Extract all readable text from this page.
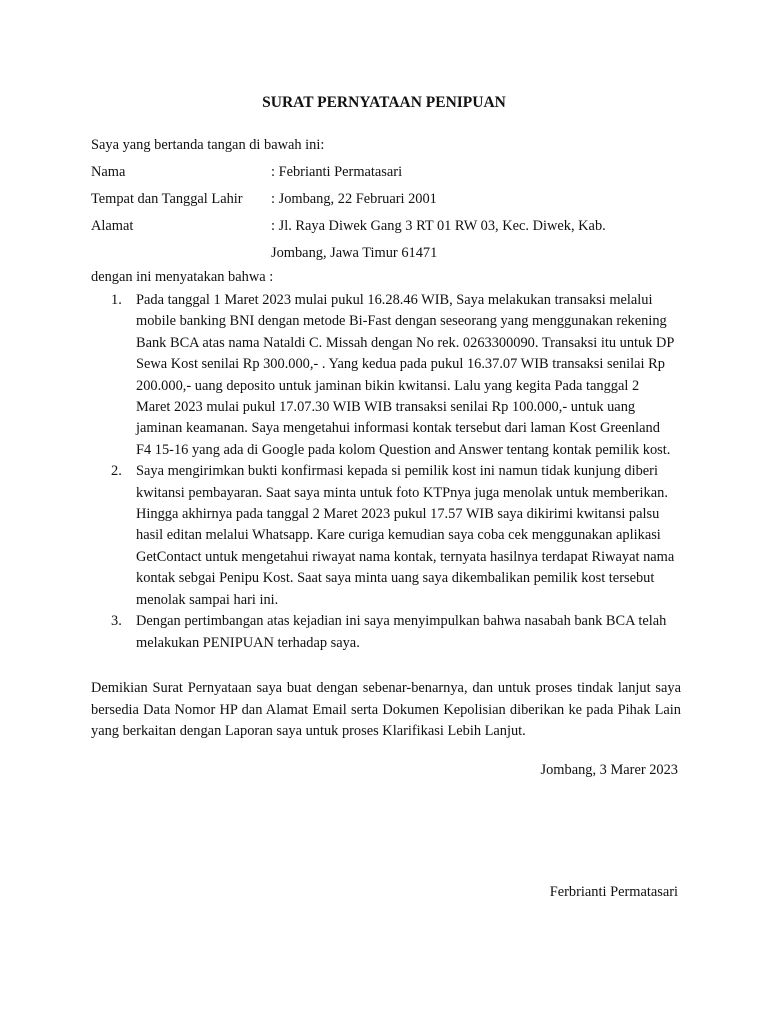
SURAT PERNYATAAN PENIPUAN

Saya yang bertanda tangan di bawah ini:

Nama	: Febrianti Permatasari
Tempat dan Tanggal Lahir : Jombang, 22 Februari 2001
Alamat	: Jl. Raya Diwek Gang 3 RT 01 RW 03, Kec. Diwek, Kab.
Jombang, Jawa Timur 61471

dengan ini menyatakan bahwa :

1. Pada tanggal 1 Maret 2023 mulai pukul 16.28.46 WIB, Saya melakukan transaksi melalui mobile banking BNI dengan metode Bi-Fast dengan seseorang yang menggunakan rekening Bank BCA atas nama Nataldi C. Missah dengan No rek. 0263300090. Transaksi itu untuk DP Sewa Kost senilai Rp 300.000,- . Yang kedua pada pukul 16.37.07 WIB transaksi senilai Rp 200.000,- uang deposito untuk jaminan bikin kwitansi. Lalu yang kegita Pada tanggal 2 Maret 2023 mulai pukul 17.07.30 WIB WIB transaksi senilai Rp 100.000,- untuk uang jaminan keamanan. Saya mengetahui informasi kontak tersebut dari laman Kost Greenland F4 15-16 yang ada di Google pada kolom Question and Answer tentang kontak pemilik kost.
2. Saya mengirimkan bukti konfirmasi kepada si pemilik kost ini namun tidak kunjung diberi kwitansi pembayaran. Saat saya minta untuk foto KTPnya juga menolak untuk memberikan. Hingga akhirnya pada tanggal 2 Maret 2023 pukul 17.57 WIB saya dikirimi kwitansi palsu hasil editan melalui Whatsapp. Kare curiga kemudian saya coba cek menggunakan aplikasi GetContact untuk mengetahui riwayat nama kontak, ternyata hasilnya terdapat Riwayat nama kontak sebgai Penipu Kost. Saat saya minta uang saya dikembalikan pemilik kost tersebut menolak sampai hari ini.
3. Dengan pertimbangan atas kejadian ini saya menyimpulkan bahwa nasabah bank BCA telah melakukan PENIPUAN terhadap saya.

Demikian Surat Pernyataan saya buat dengan sebenar-benarnya, dan untuk proses tindak lanjut saya bersedia Data Nomor HP dan Alamat Email serta Dokumen Kepolisian diberikan ke pada Pihak Lain yang berkaitan dengan Laporan saya untuk proses Klarifikasi Lebih Lanjut.

Jombang, 3 Marer 2023

Ferbrianti Permatasari
